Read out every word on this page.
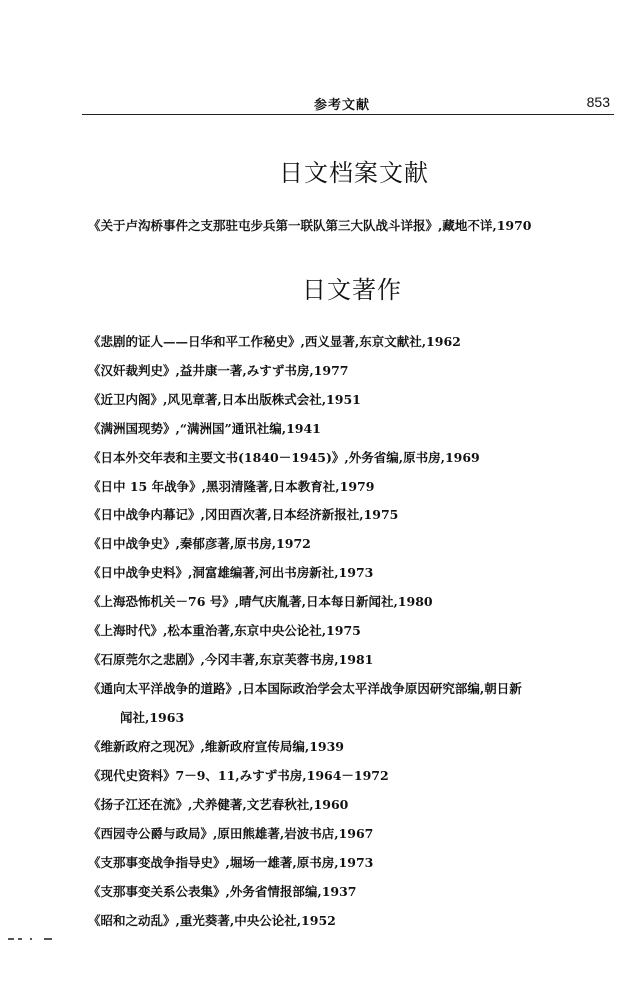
参考文献	853
日文档案文献
《关于卢沟桥事件之支那驻屯步兵第一联队第三大队战斗详报》,藏地不详,1970
日文著作
《悲剧的证人——日华和平工作秘史》,西义显著,东京文献社,1962
《汉奸裁判史》,益井康一著,みすず书房,1977
《近卫内阁》,风见章著,日本出版株式会社,1951
《满洲国现势》,“满洲国”通讯社编,1941
《日本外交年表和主要文书(1840－1945)》,外务省编,原书房,1969
《日中 15 年战争》,黑羽清隆著,日本教育社,1979
《日中战争内幕记》,冈田酉次著,日本经济新报社,1975
《日中战争史》,秦郁彦著,原书房,1972
《日中战争史料》,洞富雄编著,河出书房新社,1973
《上海恐怖机关－76 号》,晴气庆胤著,日本每日新闻社,1980
《上海时代》,松本重治著,东京中央公论社,1975
《石原莞尔之悲剧》,今冈丰著,东京芙蓉书房,1981
《通向太平洋战争的道路》,日本国际政治学会太平洋战争原因研究部编,朝日新
闻社,1963
《维新政府之现况》,维新政府宣传局编,1939
《现代史资料》7－9、11,みすず书房,1964－1972
《扬子江还在流》,犬养健著,文艺春秋社,1960
《西园寺公爵与政局》,原田熊雄著,岩波书店,1967
《支那事变战争指导史》,堀场一雄著,原书房,1973
《支那事变关系公表集》,外务省情报部编,1937
《昭和之动乱》,重光葵著,中央公论社,1952
